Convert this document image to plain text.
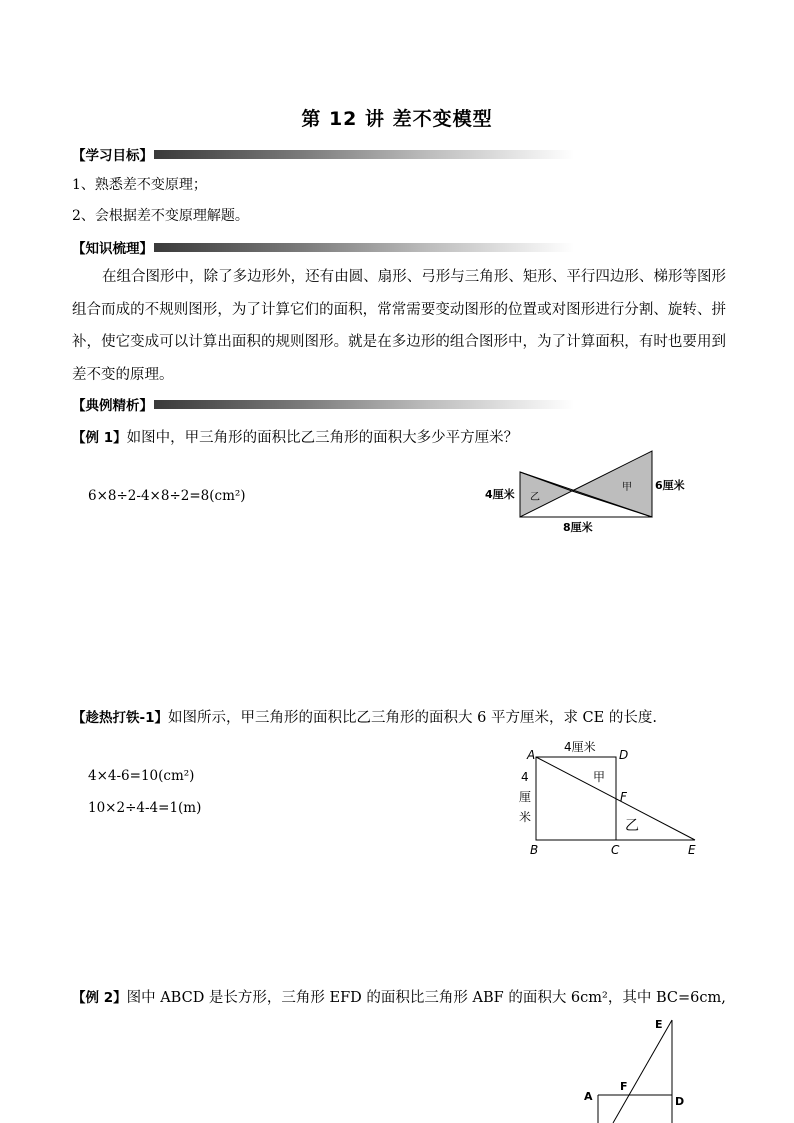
第 12 讲 差不变模型
【学习目标】
1、熟悉差不变原理；
2、会根据差不变原理解题。
【知识梳理】
在组合图形中，除了多边形外，还有由圆、扇形、弓形与三角形、矩形、平行四边形、梯形等图形组合而成的不规则图形，为了计算它们的面积，常常需要变动图形的位置或对图形进行分割、旋转、拼补，使它变成可以计算出面积的规则图形。就是在多边形的组合图形中，为了计算面积，有时也要用到差不变的原理。
【典例精析】
【例 1】如图中，甲三角形的面积比乙三角形的面积大多少平方厘米？
6×8÷2-4×8÷2=8(cm²)	4厘米
6厘米
8厘米
乙
甲
【趁热打铁-1】如图所示，甲三角形的面积比乙三角形的面积大 6 平方厘米，求 CE 的长度.
4×4-6=10(cm²)
10×2÷4-4=1(m)
A	D
B	C	E
F
4厘米
4
厘
米
甲
乙
【例 2】图中 ABCD 是长方形，三角形 EFD 的面积比三角形 ABF 的面积大 6cm²，其中 BC=6cm,
E
F
A	D
